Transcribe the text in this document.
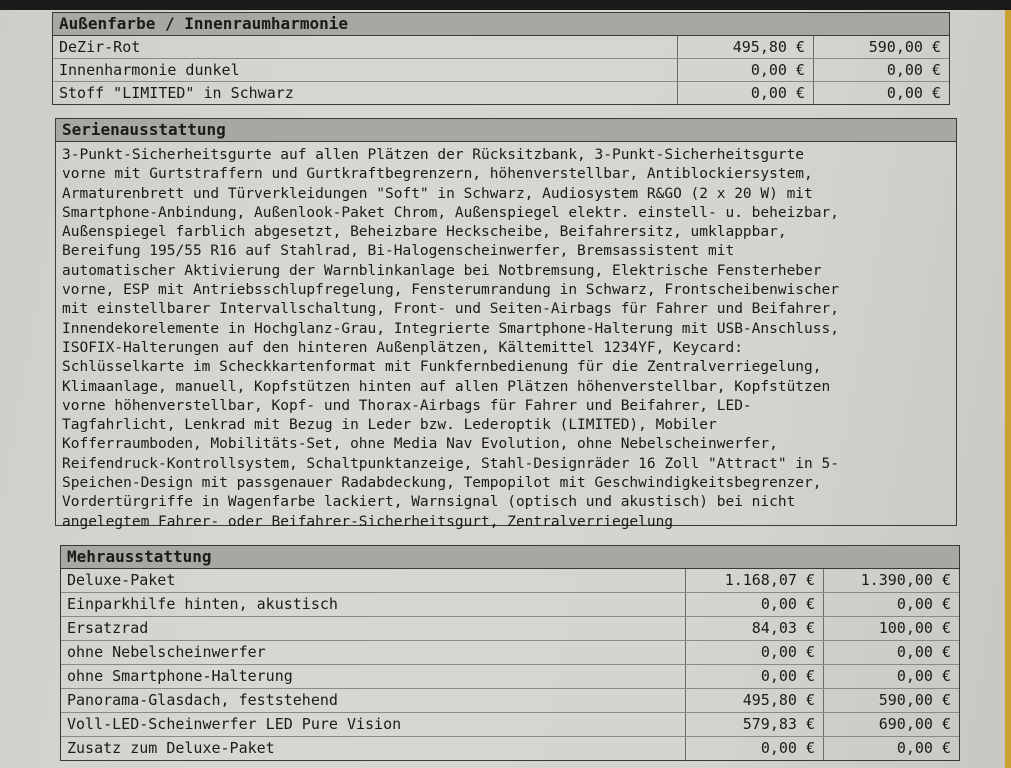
Außenfarbe / Innenraumharmonie
DeZir-Rot	495,80 €	590,00 €
Innenharmonie dunkel	0,00 €	0,00 €
Stoff "LIMITED" in Schwarz	0,00 €	0,00 €
Serienausstattung
3-Punkt-Sicherheitsgurte auf allen Plätzen der Rücksitzbank, 3-Punkt-Sicherheitsgurte
vorne mit Gurtstraffern und Gurtkraftbegrenzern, höhenverstellbar, Antiblockiersystem,
Armaturenbrett und Türverkleidungen "Soft" in Schwarz, Audiosystem R&GO (2 x 20 W) mit
Smartphone-Anbindung, Außenlook-Paket Chrom, Außenspiegel elektr. einstell- u. beheizbar,
Außenspiegel farblich abgesetzt, Beheizbare Heckscheibe, Beifahrersitz, umklappbar,
Bereifung 195/55 R16 auf Stahlrad, Bi-Halogenscheinwerfer, Bremsassistent mit
automatischer Aktivierung der Warnblinkanlage bei Notbremsung, Elektrische Fensterheber
vorne, ESP mit Antriebsschlupfregelung, Fensterumrandung in Schwarz, Frontscheibenwischer
mit einstellbarer Intervallschaltung, Front- und Seiten-Airbags für Fahrer und Beifahrer,
Innendekorelemente in Hochglanz-Grau, Integrierte Smartphone-Halterung mit USB-Anschluss,
ISOFIX-Halterungen auf den hinteren Außenplätzen, Kältemittel 1234YF, Keycard:
Schlüsselkarte im Scheckkartenformat mit Funkfernbedienung für die Zentralverriegelung,
Klimaanlage, manuell, Kopfstützen hinten auf allen Plätzen höhenverstellbar, Kopfstützen
vorne höhenverstellbar, Kopf- und Thorax-Airbags für Fahrer und Beifahrer, LED-
Tagfahrlicht, Lenkrad mit Bezug in Leder bzw. Lederoptik (LIMITED), Mobiler
Kofferraumboden, Mobilitäts-Set, ohne Media Nav Evolution, ohne Nebelscheinwerfer,
Reifendruck-Kontrollsystem, Schaltpunktanzeige, Stahl-Designräder 16 Zoll "Attract" in 5-
Speichen-Design mit passgenauer Radabdeckung, Tempopilot mit Geschwindigkeitsbegrenzer,
Vordertürgriffe in Wagenfarbe lackiert, Warnsignal (optisch und akustisch) bei nicht
angelegtem Fahrer- oder Beifahrer-Sicherheitsgurt, Zentralverriegelung
Mehrausstattung
Deluxe-Paket	1.168,07 €	1.390,00 €
Einparkhilfe hinten, akustisch	0,00 €	0,00 €
Ersatzrad	84,03 €	100,00 €
ohne Nebelscheinwerfer	0,00 €	0,00 €
ohne Smartphone-Halterung	0,00 €	0,00 €
Panorama-Glasdach, feststehend	495,80 €	590,00 €
Voll-LED-Scheinwerfer LED Pure Vision	579,83 €	690,00 €
Zusatz zum Deluxe-Paket	0,00 €	0,00 €
